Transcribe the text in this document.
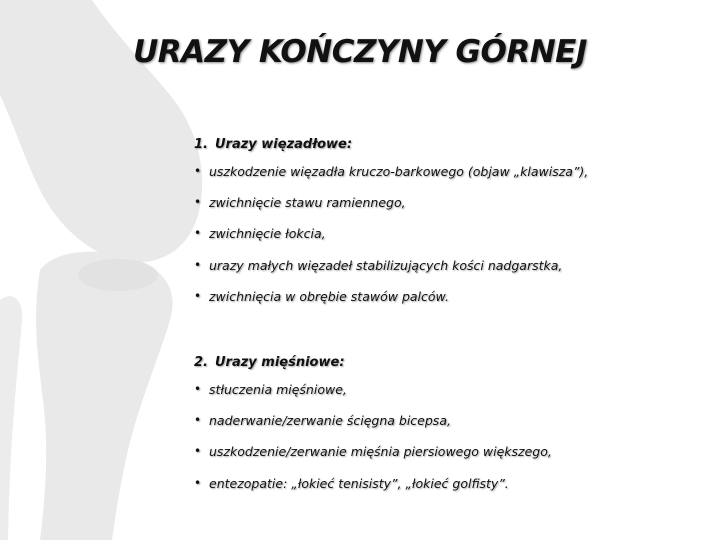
URAZY KOŃCZYNY GÓRNEJ
1. Urazy więzadłowe:
• uszkodzenie więzadła kruczo-barkowego (objaw „klawisza”),
• zwichnięcie stawu ramiennego,
• zwichnięcie łokcia,
• urazy małych więzadeł stabilizujących kości nadgarstka,
• zwichnięcia w obrębie stawów palców.
2. Urazy mięśniowe:
• stłuczenia mięśniowe,
• naderwanie/zerwanie ścięgna bicepsa,
• uszkodzenie/zerwanie mięśnia piersiowego większego,
• entezopatie: „łokieć tenisisty”, „łokieć golfisty”.
